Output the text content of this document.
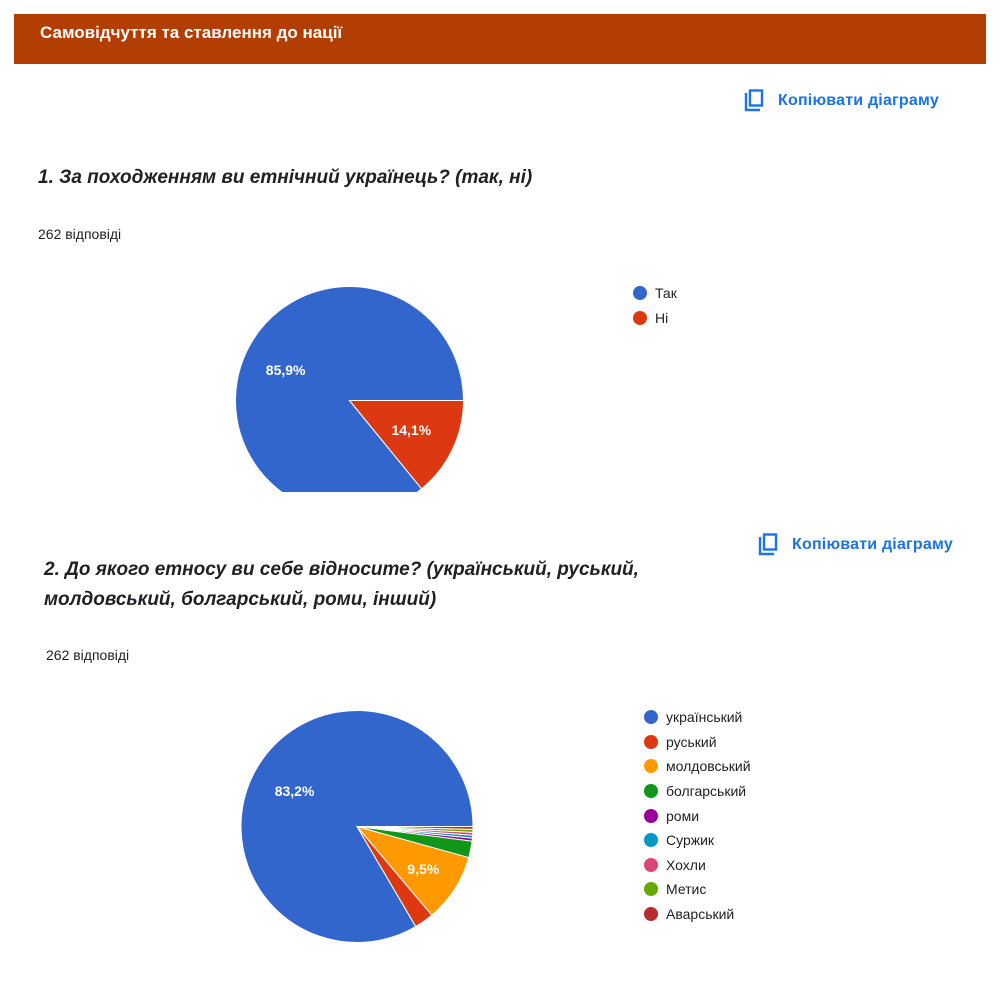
Самовідчуття та ставлення до нації
Копіювати діаграму
1. За походженням ви етнічний українець? (так, ні)
262 відповіді
85,9%
14,1%
Так
Ні
Копіювати діаграму
2. До якого етносу ви себе відносите? (український, руський,
молдовський, болгарський, роми, інший)
262 відповіді
83,2%
9,5%
український
руський
молдовський
болгарський
роми
Суржик
Хохли
Метис
Аварський
